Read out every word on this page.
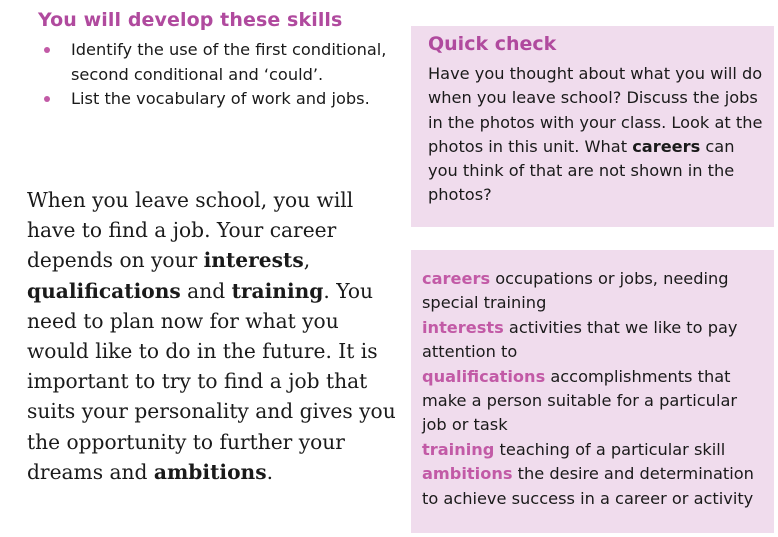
You will develop these skills
Identify the use of the first conditional, second conditional and ‘could’.
List the vocabulary of work and jobs.

When you leave school, you will have to find a job. Your career depends on your interests, qualifications and training. You need to plan now for what you would like to do in the future. It is important to try to find a job that suits your personality and gives you the opportunity to further your dreams and ambitions.

Quick check

Have you thought about what you will do when you leave school? Discuss the jobs in the photos with your class. Look at the photos in this unit. What careers can you think of that are not shown in the photos?

careers occupations or jobs, needing special training
interests activities that we like to pay attention to
qualifications accomplishments that make a person suitable for a particular job or task
training teaching of a particular skill
ambitions the desire and determination to achieve success in a career or activity
